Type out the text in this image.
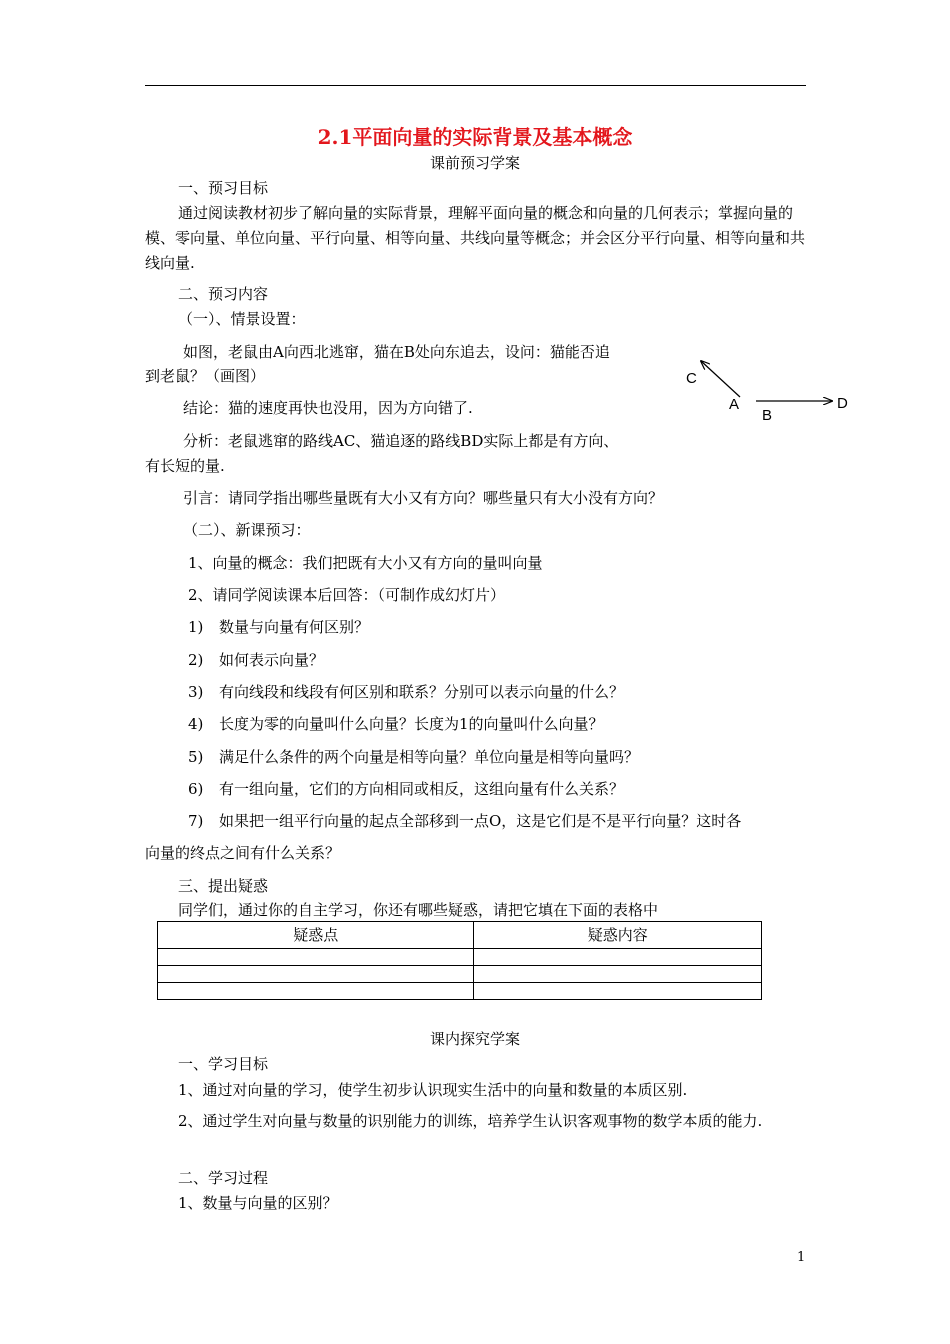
2.1平面向量的实际背景及基本概念
课前预习学案
一、预习目标
通过阅读教材初步了解向量的实际背景，理解平面向量的概念和向量的几何表示；掌握向量的模、零向量、单位向量、平行向量、相等向量、共线向量等概念；并会区分平行向量、相等向量和共线向量.
二、预习内容
（一）、情景设置：
如图，老鼠由A向西北逃窜，猫在B处向东追去，设问：猫能否追
到老鼠？（画图）
结论：猫的速度再快也没用，因为方向错了.
分析：老鼠逃窜的路线AC、猫追逐的路线BD实际上都是有方向、
有长短的量.
C
A
B
D
引言：请同学指出哪些量既有大小又有方向？哪些量只有大小没有方向？
（二）、新课预习：
1、向量的概念：我们把既有大小又有方向的量叫向量
2、请同学阅读课本后回答：（可制作成幻灯片）
1) 数量与向量有何区别？
2) 如何表示向量？
3) 有向线段和线段有何区别和联系？分别可以表示向量的什么？
4) 长度为零的向量叫什么向量？长度为1的向量叫什么向量？
5) 满足什么条件的两个向量是相等向量？单位向量是相等向量吗？
6) 有一组向量，它们的方向相同或相反，这组向量有什么关系？
7) 如果把一组平行向量的起点全部移到一点O，这是它们是不是平行向量？这时各
向量的终点之间有什么关系？
三、提出疑惑
同学们，通过你的自主学习，你还有哪些疑惑，请把它填在下面的表格中
疑惑点	疑惑内容

课内探究学案
一、学习目标
1、通过对向量的学习，使学生初步认识现实生活中的向量和数量的本质区别.
2、通过学生对向量与数量的识别能力的训练，培养学生认识客观事物的数学本质的能力.
二、学习过程
1、数量与向量的区别？
1
